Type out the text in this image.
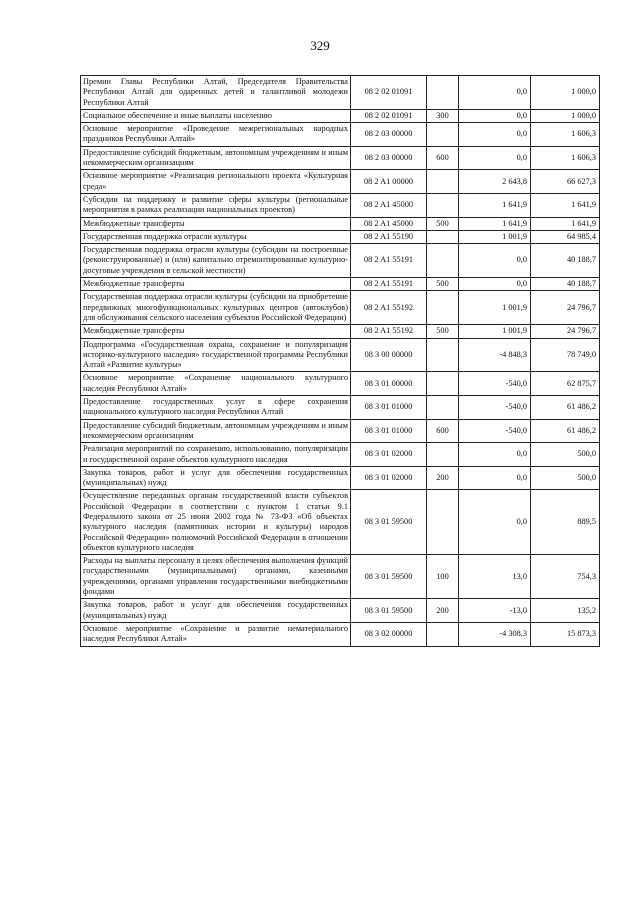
329
Премии Главы Республики Алтай, Председателя Правительства Республики Алтай для одаренных детей и талантливой молодежи Республики Алтай	08 2 02 01091		0,0	1 000,0
Социальное обеспечение и иные выплаты населению	08 2 02 01091	300	0,0	1 000,0
Основное мероприятие «Проведение межрегиональных народных праздников Республики Алтай»	08 2 03 00000		0,0	1 606,3
Предоставление субсидий бюджетным, автономным учреждениям и иным некоммерческим организациям	08 2 03 00000	600	0,0	1 606,3
Основное мероприятие «Реализация регионального проекта «Культурная среда»	08 2 A1 00000		2 643,8	66 627,3
Субсидии на поддержку и развитие сферы культуры (региональные мероприятия в рамках реализации национальных проектов)	08 2 A1 45000		1 641,9	1 641,9
Межбюджетные трансферты	08 2 A1 45000	500	1 641,9	1 641,9
Государственная поддержка отрасли культуры	08 2 A1 55190		1 001,9	64 985,4
Государственная поддержка отрасли культуры (субсидии на построенные (реконструированные) и (или) капитально отремонтированные культурно-досуговые учреждения в сельской местности)	08 2 A1 55191		0,0	40 188,7
Межбюджетные трансферты	08 2 A1 55191	500	0,0	40 188,7
Государственная поддержка отрасли культуры (субсидии на приобретение передвижных многофункциональных культурных центров (автоклубов) для обслуживания сельского населения субъектов Российской Федерации)	08 2 A1 55192		1 001,9	24 796,7
Межбюджетные трансферты	08 2 A1 55192	500	1 001,9	24 796,7
Подпрограмма «Государственная охрана, сохранение и популяризация историко-культурного наследия» государственной программы Республики Алтай «Развитие культуры»	08 3 00 00000		-4 848,3	78 749,0
Основное мероприятие «Сохранение национального культурного наследия Республики Алтай»	08 3 01 00000		-540,0	62 875,7
Предоставление государственных услуг в сфере сохранения национального культурного наследия Республики Алтай	08 3 01 01000		-540,0	61 486,2
Предоставление субсидий бюджетным, автономным учреждениям и иным некоммерческим организациям	08 3 01 01000	600	-540,0	61 486,2
Реализация мероприятий по сохранению, использованию, популяризации и государственной охране объектов культурного наследия	08 3 01 02000		0,0	500,0
Закупка товаров, работ и услуг для обеспечения государственных (муниципальных) нужд	08 3 01 02000	200	0,0	500,0
Осуществление переданных органам государственной власти субъектов Российской Федерации в соответствии с пунктом 1 статьи 9.1 Федерального закона от 25 июня 2002 года № 73-ФЗ «Об объектах культурного наследия (памятниках истории и культуры) народов Российской Федерации» полномочий Российской Федерации в отношении объектов культурного наследия	08 3 01 59500		0,0	889,5
Расходы на выплаты персоналу в целях обеспечения выполнения функций государственными (муниципальными) органами, казенными учреждениями, органами управления государственными внебюджетными фондами	08 3 01 59500	100	13,0	754,3
Закупка товаров, работ и услуг для обеспечения государственных (муниципальных) нужд	08 3 01 59500	200	-13,0	135,2
Основное мероприятие «Сохранение и развитие нематериального наследия Республики Алтай»	08 3 02 00000		-4 308,3	15 873,3
